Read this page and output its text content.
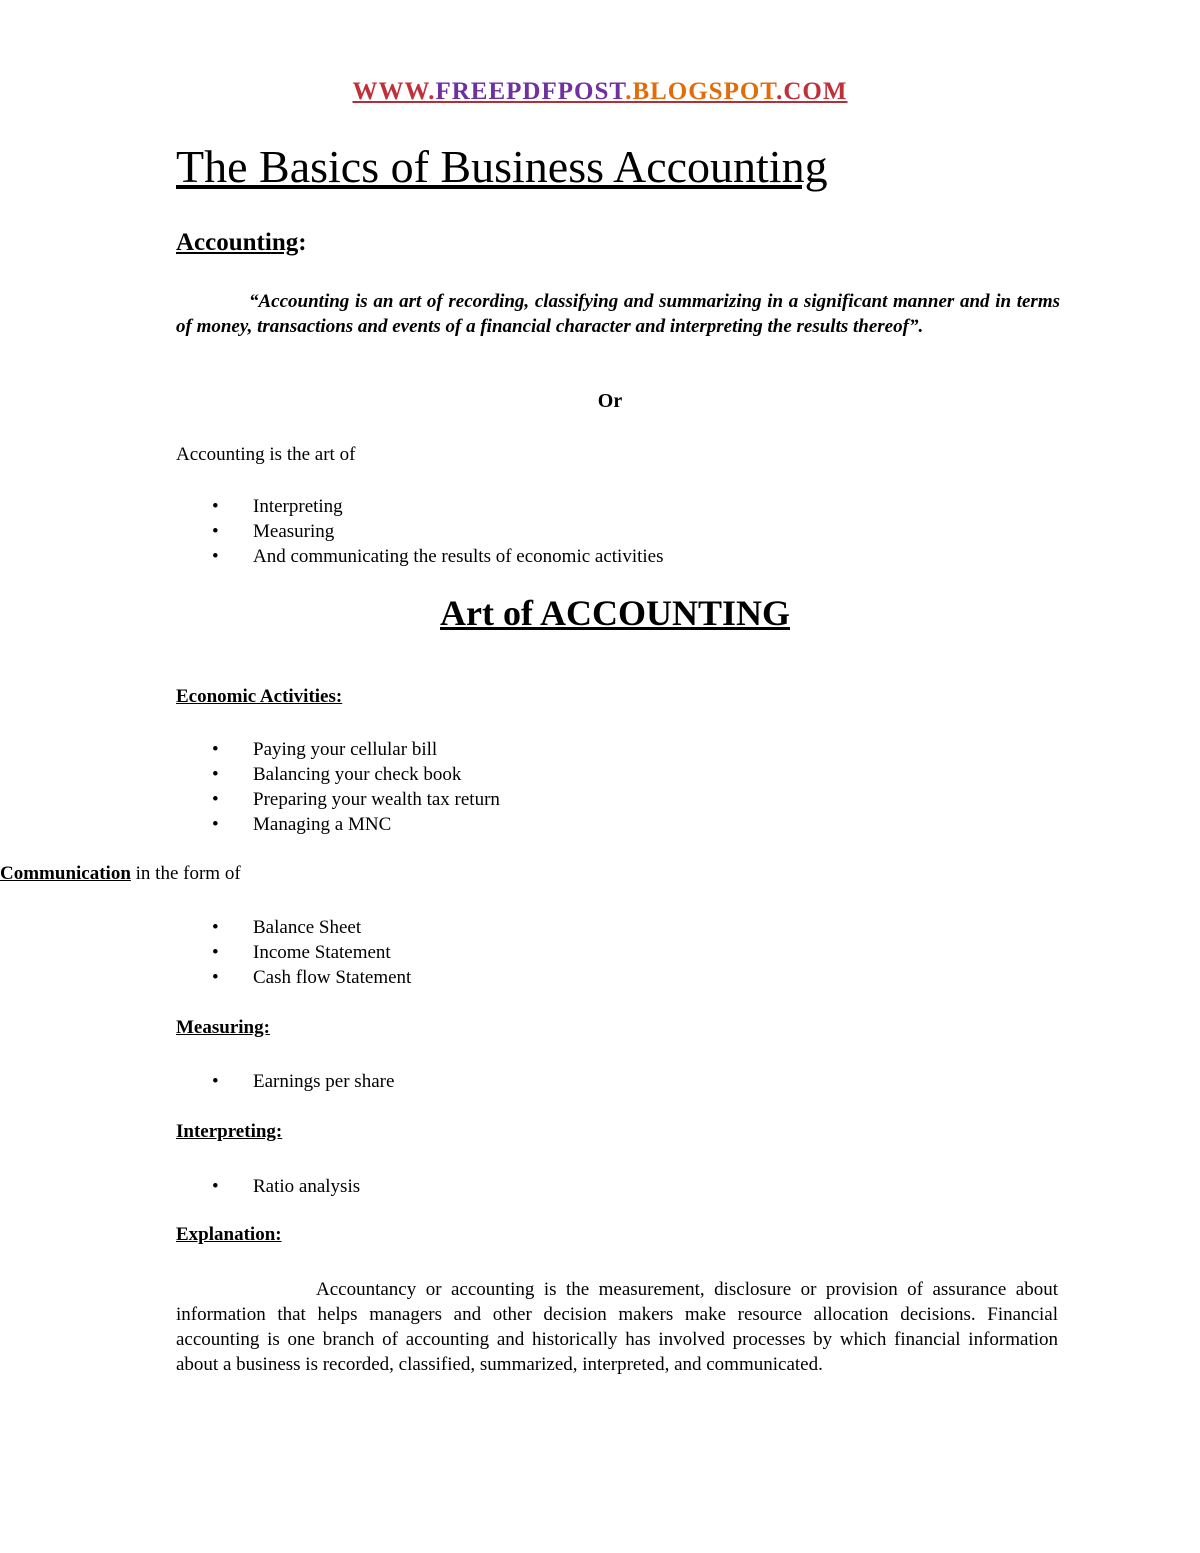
WWW.FREEPDFPOST.BLOGSPOT.COM
The Basics of Business Accounting
Accounting:

“Accounting is an art of recording, classifying and summarizing in a significant manner and in terms of money, transactions and events of a financial character and interpreting the results thereof”.

Or
Accounting is the art of
• Interpreting
• Measuring
• And communicating the results of economic activities
Art of ACCOUNTING
Economic Activities:
• Paying your cellular bill
• Balancing your check book
• Preparing your wealth tax return
• Managing a MNC
Communication in the form of
• Balance Sheet
• Income Statement
• Cash flow Statement
Measuring:
• Earnings per share
Interpreting:
• Ratio analysis
Explanation:

Accountancy or accounting is the measurement, disclosure or provision of assurance about information that helps managers and other decision makers make resource allocation decisions. Financial accounting is one branch of accounting and historically has involved processes by which financial information about a business is recorded, classified, summarized, interpreted, and communicated.
